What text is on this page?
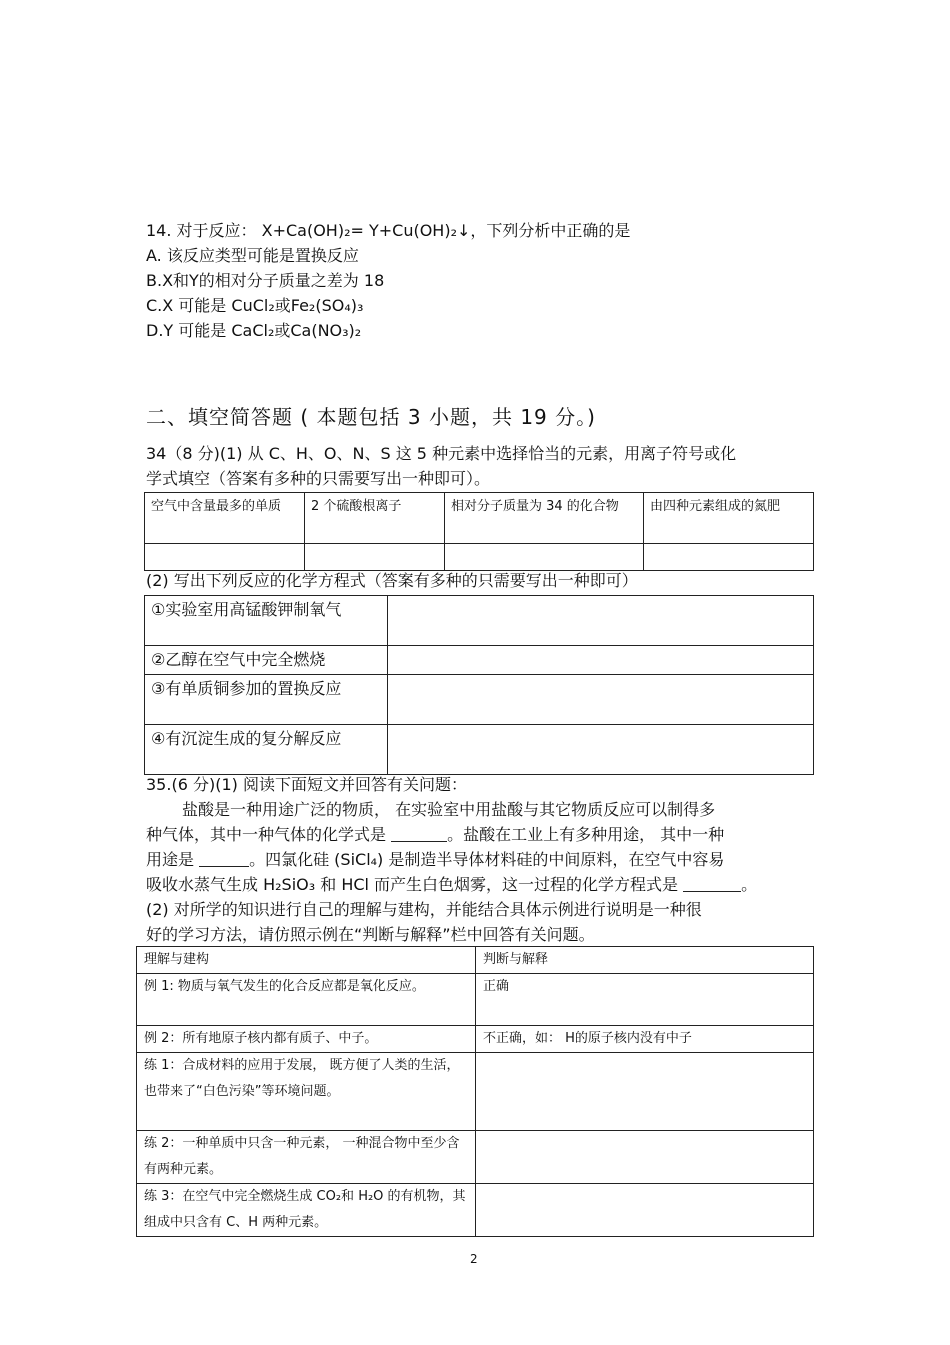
14. 对于反应： X+Ca(OH)₂= Y+Cu(OH)₂↓，下列分析中正确的是
A. 该反应类型可能是置换反应
B.X和Y的相对分子质量之差为 18
C.X 可能是 CuCl₂或Fe₂(SO₄)₃
D.Y 可能是 CaCl₂或Ca(NO₃)₂
二、填空简答题 ( 本题包括 3 小题，共 19 分。)
34（8 分)(1) 从 C、H、O、N、S 这 5 种元素中选择恰当的元素，用离子符号或化
学式填空（答案有多种的只需要写出一种即可）。
空气中含量最多的单质	2 个硫酸根离子	相对分子质量为 34 的化合物	由四种元素组成的氮肥

(2) 写出下列反应的化学方程式（答案有多种的只需要写出一种即可）
①实验室用高锰酸钾制氧气	
②乙醇在空气中完全燃烧	
③有单质铜参加的置换反应	
④有沉淀生成的复分解反应	
35.(6 分)(1) 阅读下面短文并回答有关问题：
盐酸是一种用途广泛的物质， 在实验室中用盐酸与其它物质反应可以制得多
种气体，其中一种气体的化学式是	。盐酸在工业上有多种用途， 其中一种
用途是	。四氯化硅 (SiCl₄) 是制造半导体材料硅的中间原料，在空气中容易
吸收水蒸气生成 H₂SiO₃ 和 HCl 而产生白色烟雾，这一过程的化学方程式是	。
(2) 对所学的知识进行自己的理解与建构，并能结合具体示例进行说明是一种很
好的学习方法，请仿照示例在“判断与解释”栏中回答有关问题。
理解与建构	判断与解释
例 1: 物质与氧气发生的化合反应都是氧化反应。	正确
例 2：所有地原子核内都有质子、中子。	不正确，如： H的原子核内没有中子
练 1：合成材料的应用于发展， 既方便了人类的生活，
也带来了“白色污染”等环境问题。	
练 2：一种单质中只含一种元素， 一种混合物中至少含有两种元素。	
练 3：在空气中完全燃烧生成 CO₂和 H₂O 的有机物，其组成中只含有 C、H 两种元素。	
2
